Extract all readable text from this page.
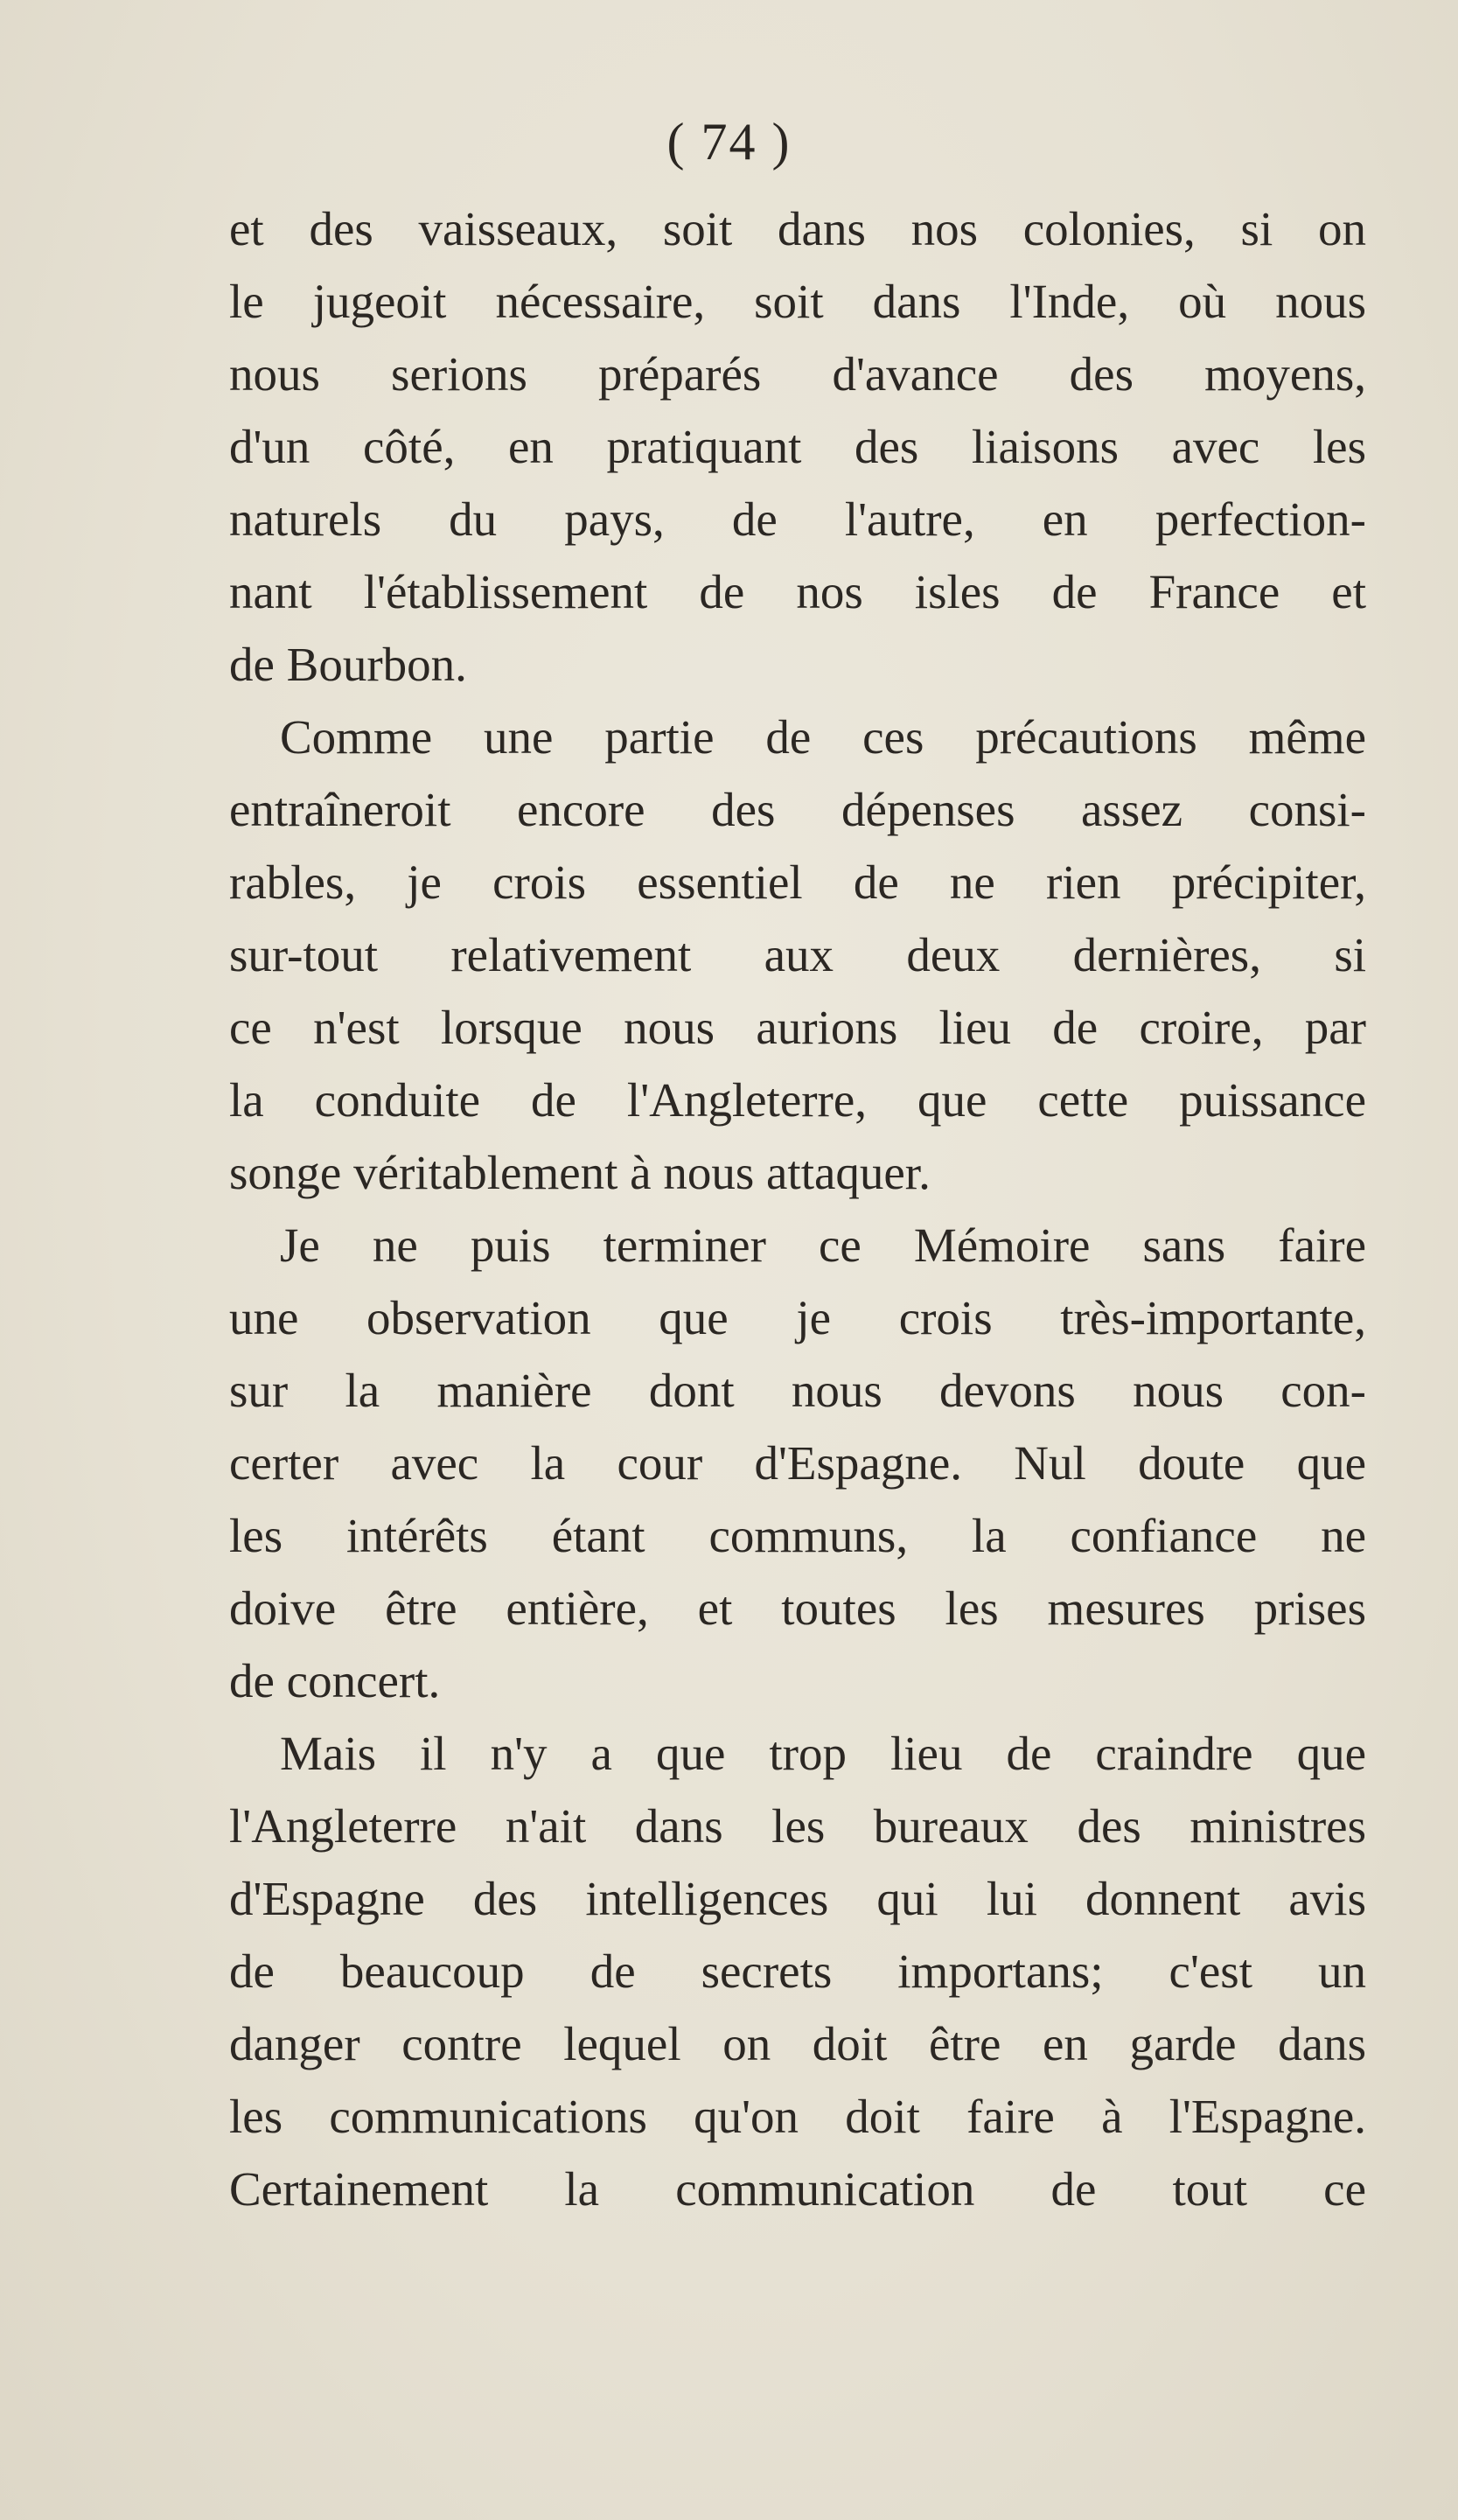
( 74 )
et des vaisseaux, soit dans nos colonies, si on
le jugeoit nécessaire, soit dans l'Inde, où nous
nous serions préparés d'avance des moyens,
d'un côté, en pratiquant des liaisons avec les
naturels du pays, de l'autre, en perfection-
nant l'établissement de nos isles de France et
de Bourbon.
Comme une partie de ces précautions même
entraîneroit encore des dépenses assez consi-
rables, je crois essentiel de ne rien précipiter,
sur-tout relativement aux deux dernières, si
ce n'est lorsque nous aurions lieu de croire, par
la conduite de l'Angleterre, que cette puissance
songe véritablement à nous attaquer.
Je ne puis terminer ce Mémoire sans faire
une observation que je crois très-importante,
sur la manière dont nous devons nous con-
certer avec la cour d'Espagne. Nul doute que
les intérêts étant communs, la confiance ne
doive être entière, et toutes les mesures prises
de concert.
Mais il n'y a que trop lieu de craindre que
l'Angleterre n'ait dans les bureaux des ministres
d'Espagne des intelligences qui lui donnent avis
de beaucoup de secrets importans; c'est un
danger contre lequel on doit être en garde dans
les communications qu'on doit faire à l'Espagne.
Certainement la communication de tout ce
